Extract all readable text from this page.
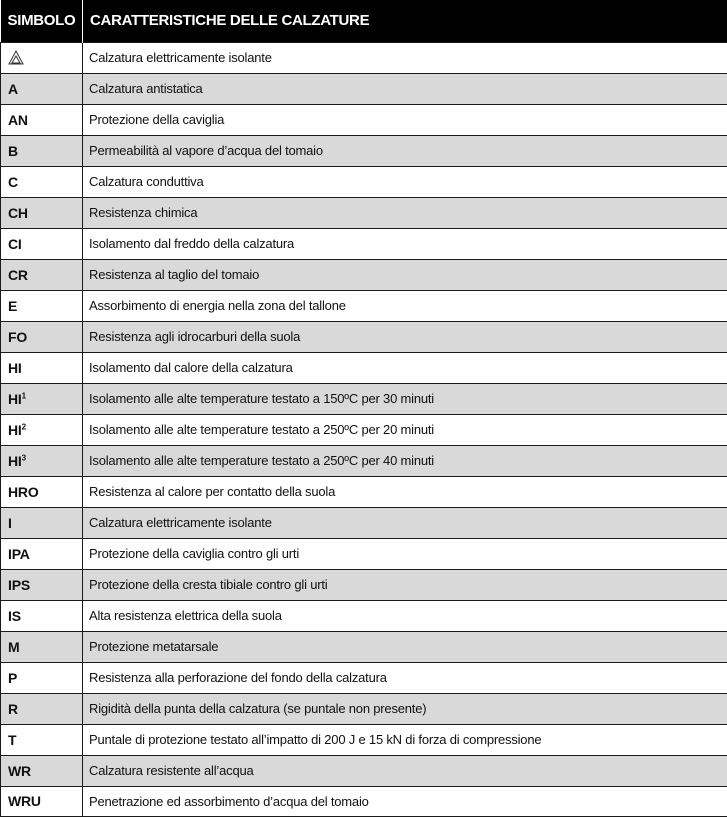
SIMBOLO	CARATTERISTICHE DELLE CALZATURE
	Calzatura elettricamente isolante
A	Calzatura antistatica
AN	Protezione della caviglia
B	Permeabilità al vapore d’acqua del tomaio
C	Calzatura conduttiva
CH	Resistenza chimica
CI	Isolamento dal freddo della calzatura
CR	Resistenza al taglio del tomaio
E	Assorbimento di energia nella zona del tallone
FO	Resistenza agli idrocarburi della suola
HI	Isolamento dal calore della calzatura
$HI^1$	Isolamento alle alte temperature testato a 150ºC per 30 minuti
$HI^2$	Isolamento alle alte temperature testato a 250ºC per 20 minuti
$HI^3$	Isolamento alle alte temperature testato a 250ºC per 40 minuti
HRO	Resistenza al calore per contatto della suola
I	Calzatura elettricamente isolante
IPA	Protezione della caviglia contro gli urti
IPS	Protezione della cresta tibiale contro gli urti
IS	Alta resistenza elettrica della suola
M	Protezione metatarsale
P	Resistenza alla perforazione del fondo della calzatura
R	Rigidità della punta della calzatura (se puntale non presente)
T	Puntale di protezione testato all’impatto di 200 J e 15 kN di forza di compressione
WR	Calzatura resistente all’acqua
WRU	Penetrazione ed assorbimento d’acqua del tomaio
